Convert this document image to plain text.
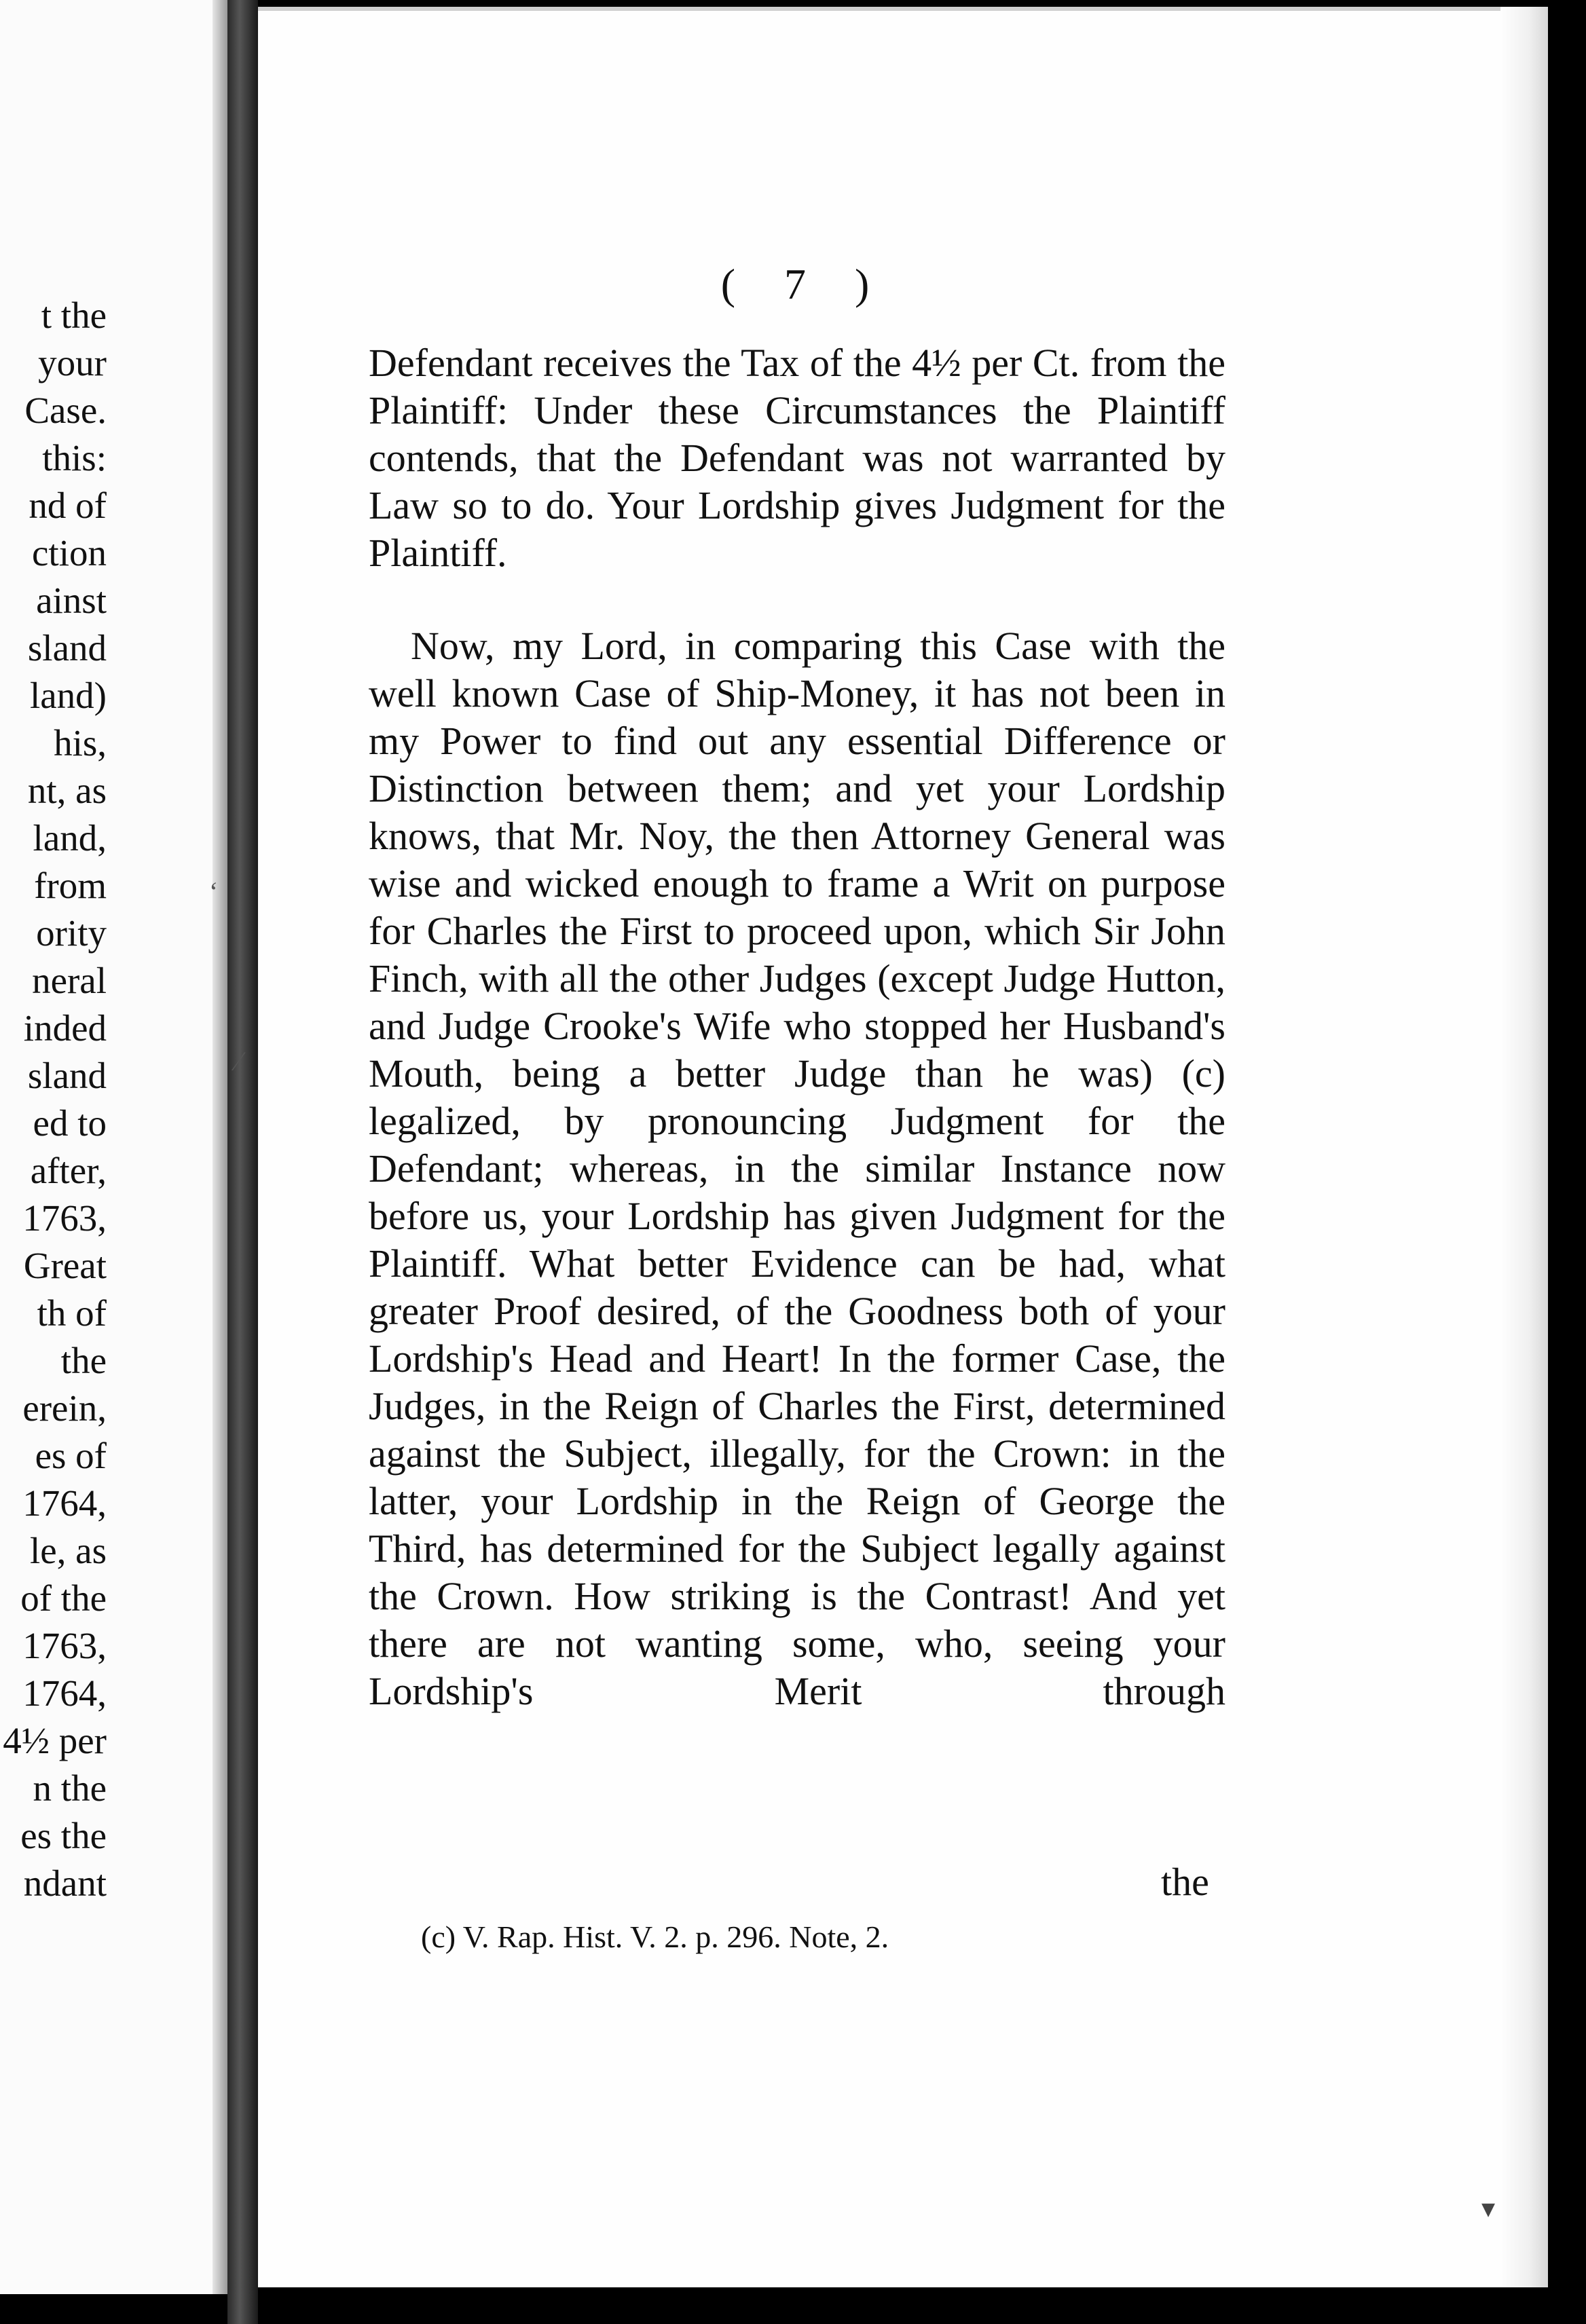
t the
your
Case.
this:
nd of
ction
ainst
sland
land)
his,
nt, as
land,
from
ority
neral
inded
sland
ed to
after,
1763,
Great
th of
the
erein,
es of
1764,
le, as
of the
1763,
1764,
4½ per
n the
es the
ndant
( 7 )

Defendant receives the Tax of the 4½ per Ct. from the Plaintiff: Under these Circumstances the Plaintiff contends, that the Defendant was not warranted by Law so to do. Your Lordship gives Judgment for the Plaintiff.

Now, my Lord, in comparing this Case with the well known Case of Ship-Money, it has not been in my Power to find out any essential Difference or Distinction between them; and yet your Lordship knows, that Mr. Noy, the then Attorney General was wise and wicked enough to frame a Writ on purpose for Charles the First to proceed upon, which Sir John Finch, with all the other Judges (except Judge Hutton, and Judge Crooke's Wife who stopped her Husband's Mouth, being a better Judge than he was) (c) legalized, by pronouncing Judgment for the Defendant; whereas, in the similar Instance now before us, your Lordship has given Judgment for the Plaintiff. What better Evidence can be had, what greater Proof desired, of the Goodness both of your Lordship's Head and Heart! In the former Case, the Judges, in the Reign of Charles the First, determined against the Subject, illegally, for the Crown: in the latter, your Lordship in the Reign of George the Third, has determined for the Subject legally against the Crown. How striking is the Contrast! And yet there are not wanting some, who, seeing your Lordship's Merit through

the
(c) V. Rap. Hist. V. 2. p. 296. Note, 2.
‘
⁄
▾
